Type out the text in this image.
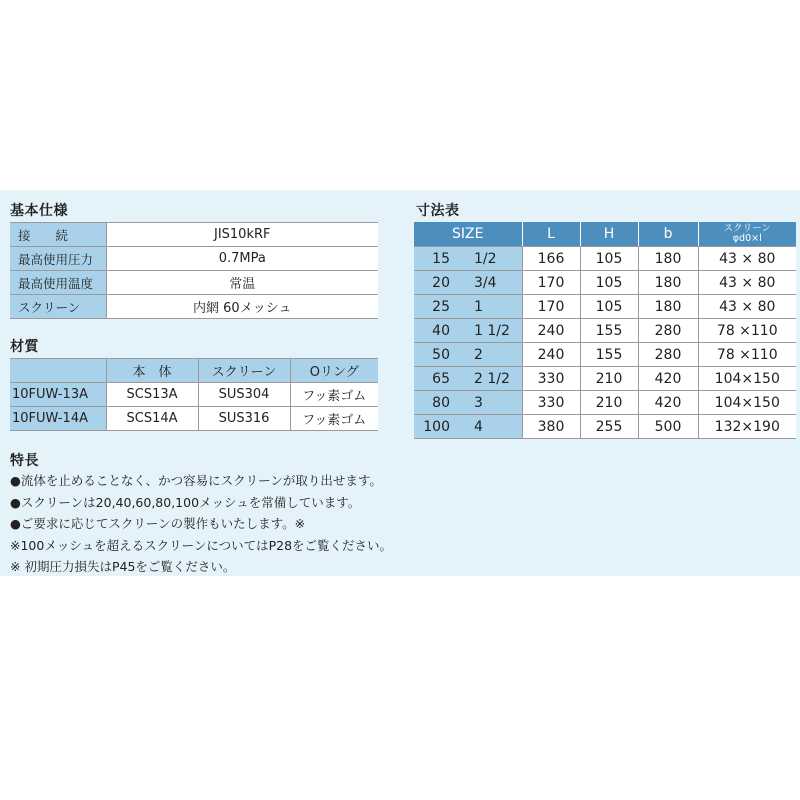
基本仕様
接　　続	JIS10kRF
最高使用圧力	0.7MPa
最高使用温度	常温
スクリーン	内網 60メッシュ
材質
	本　体	スクリーン	Oリング
10FUW-13A	SCS13A	SUS304	フッ素ゴム
10FUW-14A	SCS14A	SUS316	フッ素ゴム
寸法表
SIZE		L	H	b	スクリーン
φd0×l

15	1/2	166	105	180	43 × 80
20	3/4	170	105	180	43 × 80
25	1	170	105	180	43 × 80
40	1 1/2	240	155	280	78 ×110
50	2	240	155	280	78 ×110
65	2 1/2	330	210	420	104×150
80	3	330	210	420	104×150
100	4	380	255	500	132×190
特長
●流体を止めることなく、かつ容易にスクリーンが取り出せます。
●スクリーンは20,40,60,80,100メッシュを常備しています。
●ご要求に応じてスクリーンの製作もいたします。※
※100メッシュを超えるスクリーンについてはP28をご覧ください。
※ 初期圧力損失はP45をご覧ください。
